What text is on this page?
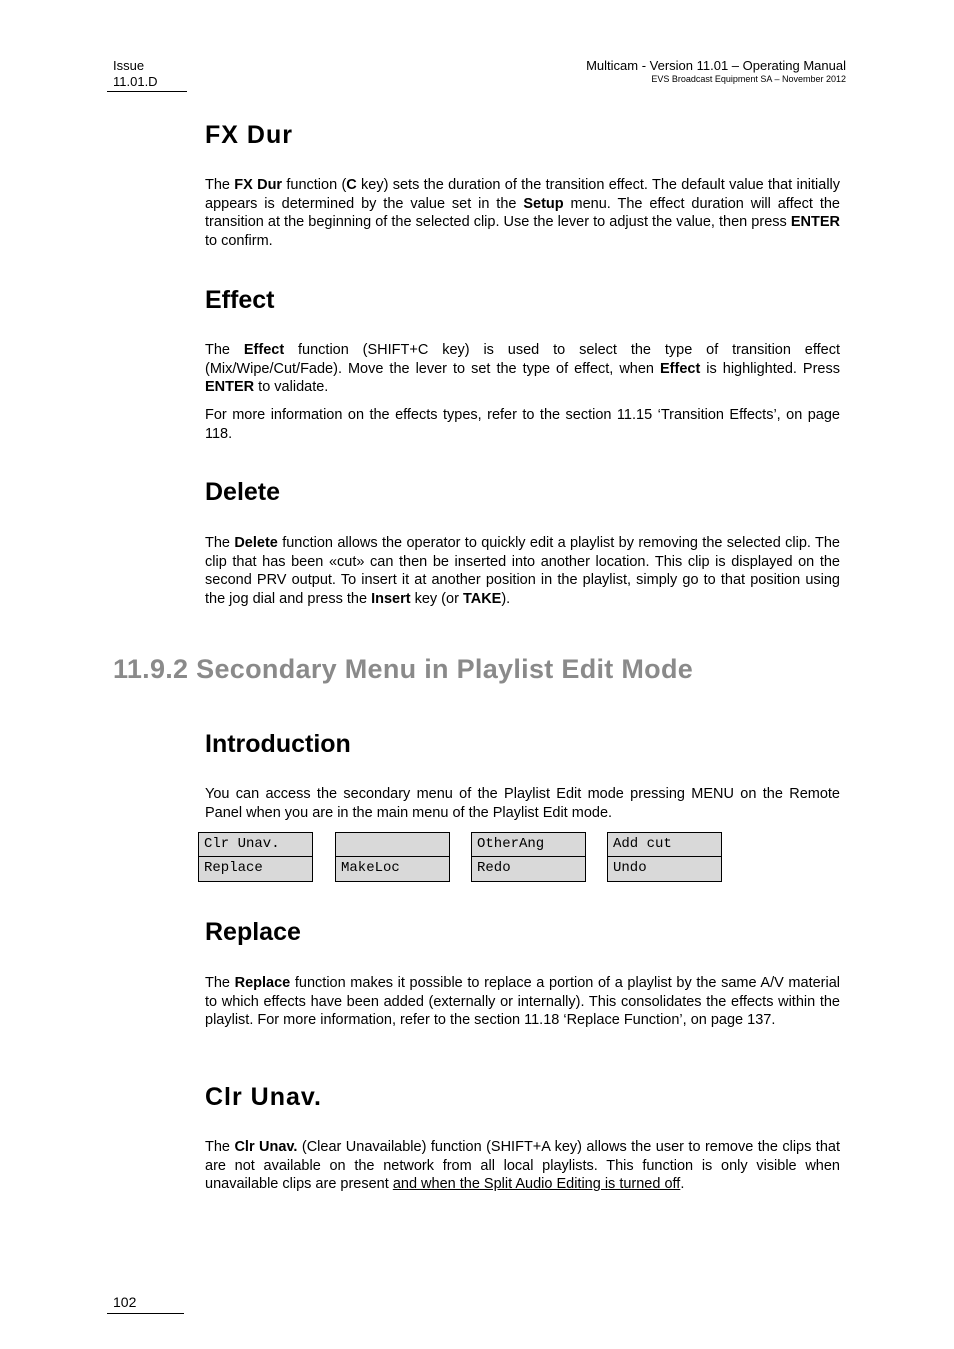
Issue
11.01.D
Multicam - Version 11.01 – Operating Manual
EVS Broadcast Equipment SA – November 2012
FX Dur

The FX Dur function (C key) sets the duration of the transition effect. The default value that initially appears is determined by the value set in the Setup menu. The effect duration will affect the transition at the beginning of the selected clip. Use the lever to adjust the value, then press ENTER to confirm.

Effect

The Effect function (SHIFT+C key) is used to select the type of transition effect (Mix/Wipe/Cut/Fade). Move the lever to set the type of effect, when Effect is highlighted. Press ENTER to validate.

For more information on the effects types, refer to the section 11.15 ‘Transition Effects’, on page 118.

Delete

The Delete function allows the operator to quickly edit a playlist by removing the selected clip. The clip that has been «cut» can then be inserted into another location. This clip is displayed on the second PRV output. To insert it at another position in the playlist, simply go to that position using the jog dial and press the Insert key (or TAKE).

11.9.2 Secondary Menu in Playlist Edit Mode
Introduction

You can access the secondary menu of the Playlist Edit mode pressing MENU on the Remote Panel when you are in the main menu of the Playlist Edit mode.

Clr Unav.
Replace	MakeLoc
OtherAng
Redo
Add cut
Undo
Replace

The Replace function makes it possible to replace a portion of a playlist by the same A/V material to which effects have been added (externally or internally). This consolidates the effects within the playlist. For more information, refer to the section 11.18 ‘Replace Function’, on page 137.

Clr Unav.

The Clr Unav. (Clear Unavailable) function (SHIFT+A key) allows the user to remove the clips that are not available on the network from all local playlists. This function is only visible when unavailable clips are present and when the Split Audio Editing is turned off.

102
